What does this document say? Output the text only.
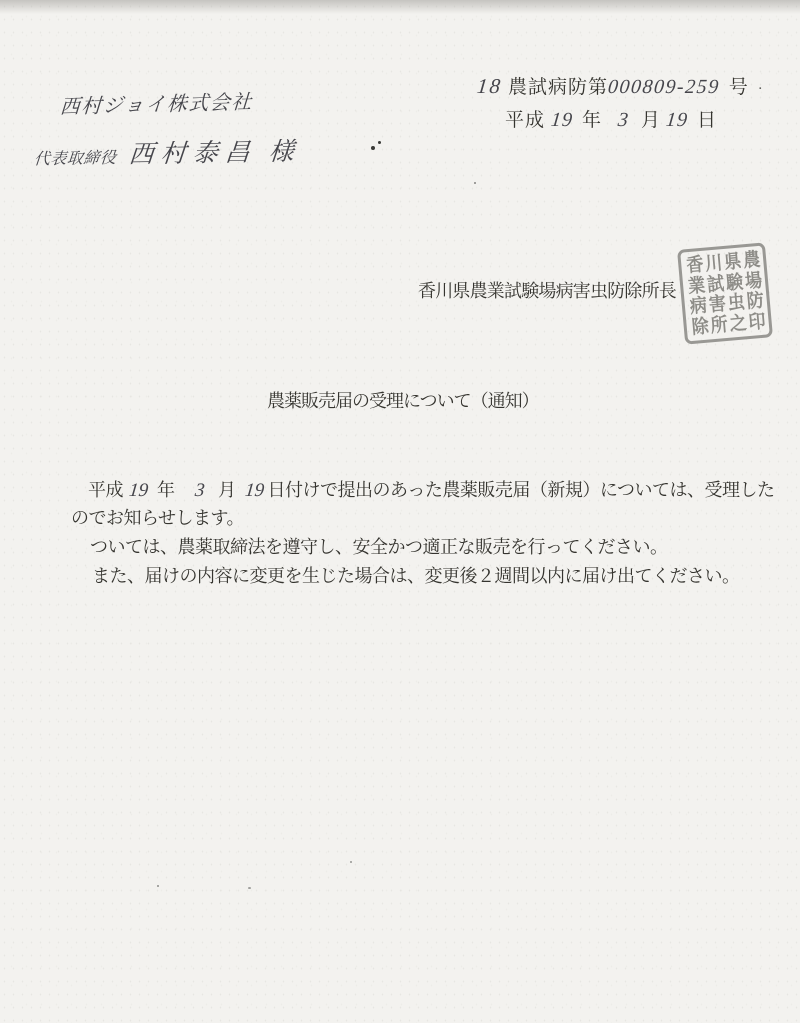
18 農試病防第
000809-259 号 ·
平成 19 年 3 月 19 日
西村ジョイ株式会社
代表取締役 西村泰昌 様
香川県農業試験場病害虫防除所長
香川県農
業試験場
病害虫防
除所之印
農薬販売届の受理について（通知）
平成 19 年 3 月 19 日付けで提出のあった農薬販売届（新規）については、受理した
のでお知らせします。
ついては、農薬取締法を遵守し、安全かつ適正な販売を行ってください。
また、届けの内容に変更を生じた場合は、変更後２週間以内に届け出てください。
